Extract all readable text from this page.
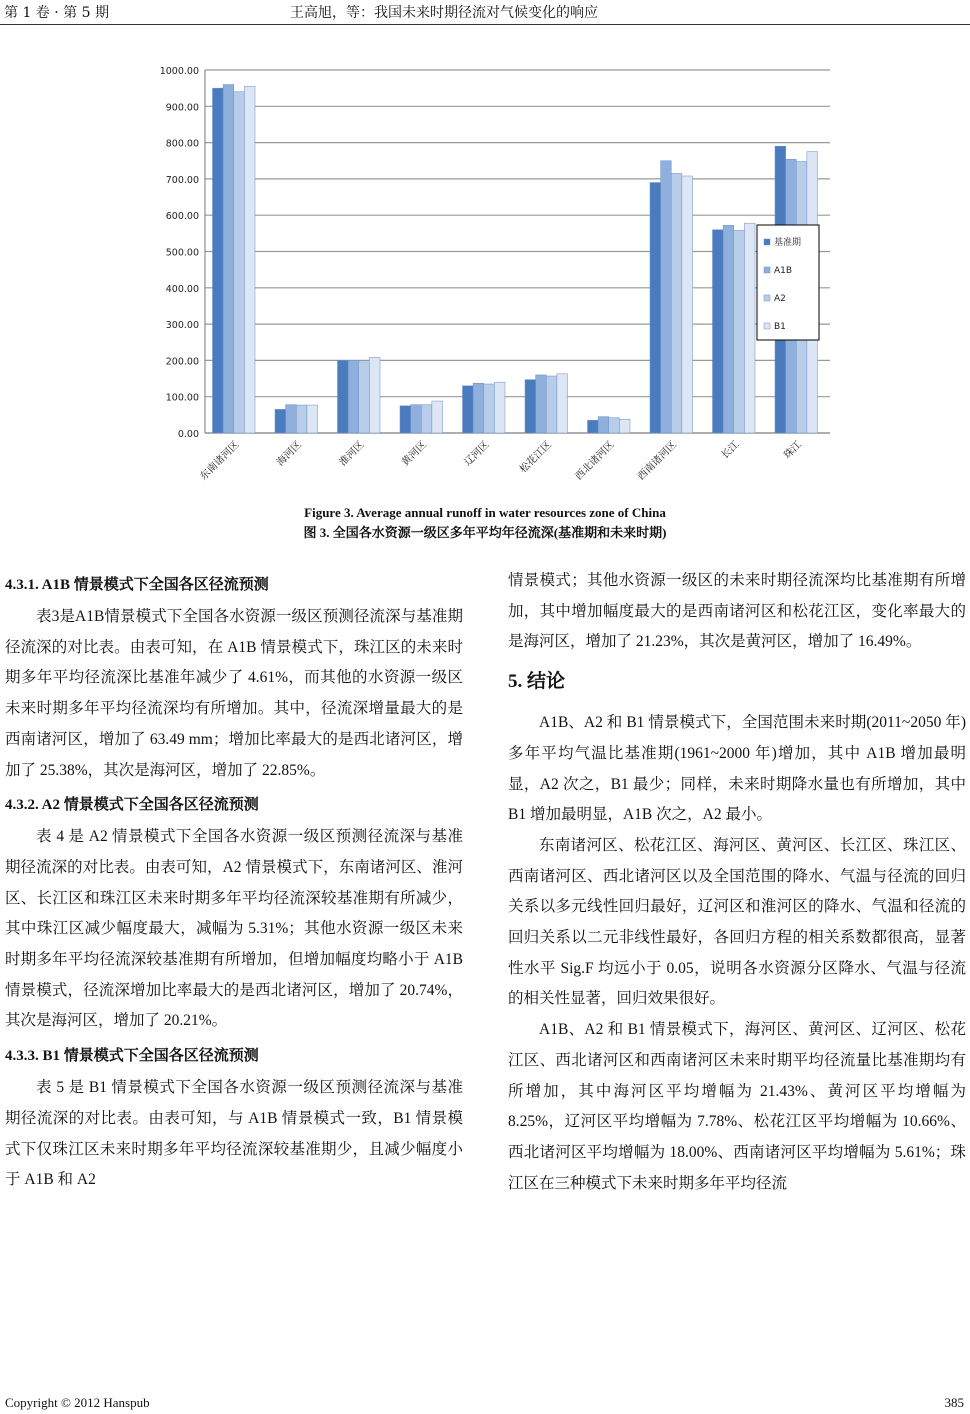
第 1 卷 · 第 5 期	王高旭，等：我国未来时期径流对气候变化的响应
0.00
100.00
200.00
300.00
400.00
500.00
600.00
700.00
800.00
900.00
1000.00
东南诸河区	海河区	淮河区	黄河区	辽河区	松花江区 西北诸河区 西南诸河区	长江	珠江
基准期
A1B
A2
B1
Figure 3. Average annual runoff in water resources zone of China
图 3. 全国各水资源一级区多年平均年径流深(基准期和未来时期)
4.3.1. A1B 情景模式下全国各区径流预测

表3是A1B情景模式下全国各水资源一级区预测径流深与基准期径流深的对比表。由表可知，在 A1B 情景模式下，珠江区的未来时期多年平均径流深比基准年减少了 4.61%，而其他的水资源一级区未来时期多年平均径流深均有所增加。其中，径流深增量最大的是西南诸河区，增加了 63.49 mm；增加比率最大的是西北诸河区，增加了 25.38%，其次是海河区，增加了 22.85%。

4.3.2. A2 情景模式下全国各区径流预测

表 4 是 A2 情景模式下全国各水资源一级区预测径流深与基准期径流深的对比表。由表可知，A2 情景模式下，东南诸河区、淮河区、长江区和珠江区未来时期多年平均径流深较基准期有所减少，其中珠江区减少幅度最大，减幅为 5.31%；其他水资源一级区未来时期多年平均径流深较基准期有所增加，但增加幅度均略小于 A1B 情景模式，径流深增加比率最大的是西北诸河区，增加了 20.74%，其次是海河区，增加了 20.21%。

4.3.3. B1 情景模式下全国各区径流预测

表 5 是 B1 情景模式下全国各水资源一级区预测径流深与基准期径流深的对比表。由表可知，与 A1B 情景模式一致，B1 情景模式下仅珠江区未来时期多年平均径流深较基准期少，且减少幅度小于 A1B 和 A2

情景模式；其他水资源一级区的未来时期径流深均比基准期有所增加，其中增加幅度最大的是西南诸河区和松花江区，变化率最大的是海河区，增加了 21.23%，其次是黄河区，增加了 16.49%。

5. 结论

A1B、A2 和 B1 情景模式下，全国范围未来时期(2011~2050 年)多年平均气温比基准期(1961~2000 年)增加，其中 A1B 增加最明显，A2 次之，B1 最少；同样，未来时期降水量也有所增加，其中 B1 增加最明显，A1B 次之，A2 最小。

东南诸河区、松花江区、海河区、黄河区、长江区、珠江区、西南诸河区、西北诸河区以及全国范围的降水、气温与径流的回归关系以多元线性回归最好，辽河区和淮河区的降水、气温和径流的回归关系以二元非线性最好，各回归方程的相关系数都很高，显著性水平 Sig.F 均远小于 0.05，说明各水资源分区降水、气温与径流的相关性显著，回归效果很好。

A1B、A2 和 B1 情景模式下，海河区、黄河区、辽河区、松花江区、西北诸河区和西南诸河区未来时期平均径流量比基准期均有所增加，其中海河区平均增幅为 21.43%、黄河区平均增幅为 8.25%，辽河区平均增幅为 7.78%、松花江区平均增幅为 10.66%、西北诸河区平均增幅为 18.00%、西南诸河区平均增幅为 5.61%；珠江区在三种模式下未来时期多年平均径流

Copyright © 2012 Hanspub	385
